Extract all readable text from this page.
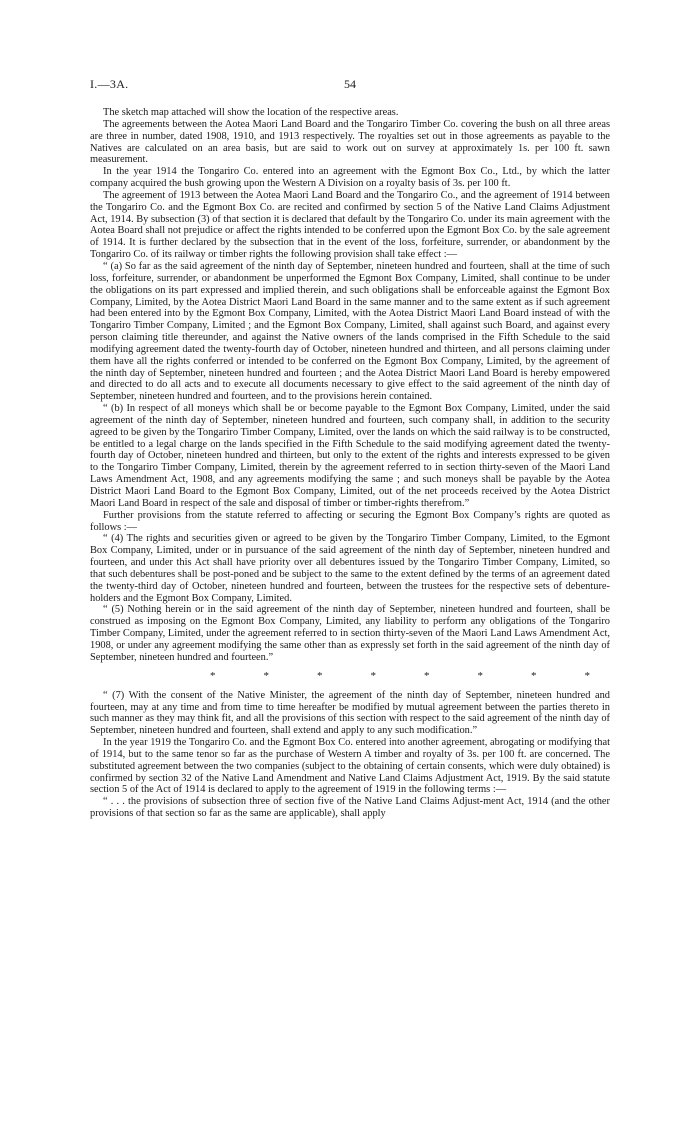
I.—3A.	54

The sketch map attached will show the location of the respective areas.

The agreements between the Aotea Maori Land Board and the Tongariro Timber Co. covering the bush on all three areas are three in number, dated 1908, 1910, and 1913 respectively. The royalties set out in those agreements as payable to the Natives are calculated on an area basis, but are said to work out on survey at approximately 1s. per 100 ft. sawn measurement.

In the year 1914 the Tongariro Co. entered into an agreement with the Egmont Box Co., Ltd., by which the latter company acquired the bush growing upon the Western A Division on a royalty basis of 3s. per 100 ft.

The agreement of 1913 between the Aotea Maori Land Board and the Tongariro Co., and the agreement of 1914 between the Tongariro Co. and the Egmont Box Co. are recited and confirmed by section 5 of the Native Land Claims Adjustment Act, 1914. By subsection (3) of that section it is declared that default by the Tongariro Co. under its main agreement with the Aotea Board shall not prejudice or affect the rights intended to be conferred upon the Egmont Box Co. by the sale agreement of 1914. It is further declared by the subsection that in the event of the loss, forfeiture, surrender, or abandonment by the Tongariro Co. of its railway or timber rights the following provision shall take effect :—

“ (a) So far as the said agreement of the ninth day of September, nineteen hundred and fourteen, shall at the time of such loss, forfeiture, surrender, or abandonment be unperformed the Egmont Box Company, Limited, shall continue to be under the obligations on its part expressed and implied therein, and such obligations shall be enforceable against the Egmont Box Company, Limited, by the Aotea District Maori Land Board in the same manner and to the same extent as if such agreement had been entered into by the Egmont Box Company, Limited, with the Aotea District Maori Land Board instead of with the Tongariro Timber Company, Limited ; and the Egmont Box Company, Limited, shall against such Board, and against every person claiming title thereunder, and against the Native owners of the lands comprised in the Fifth Schedule to the said modifying agreement dated the twenty-fourth day of October, nineteen hundred and thirteen, and all persons claiming under them have all the rights conferred or intended to be conferred on the Egmont Box Company, Limited, by the agreement of the ninth day of September, nineteen hundred and fourteen ; and the Aotea District Maori Land Board is hereby empowered and directed to do all acts and to execute all documents necessary to give effect to the said agreement of the ninth day of September, nineteen hundred and fourteen, and to the provisions herein contained.

“ (b) In respect of all moneys which shall be or become payable to the Egmont Box Company, Limited, under the said agreement of the ninth day of September, nineteen hundred and fourteen, such company shall, in addition to the security agreed to be given by the Tongariro Timber Company, Limited, over the lands on which the said railway is to be constructed, be entitled to a legal charge on the lands specified in the Fifth Schedule to the said modifying agreement dated the twenty-fourth day of October, nineteen hundred and thirteen, but only to the extent of the rights and interests expressed to be given to the Tongariro Timber Company, Limited, therein by the agreement referred to in section thirty-seven of the Maori Land Laws Amendment Act, 1908, and any agreements modifying the same ; and such moneys shall be payable by the Aotea District Maori Land Board to the Egmont Box Company, Limited, out of the net proceeds received by the Aotea District Maori Land Board in respect of the sale and disposal of timber or timber-rights therefrom.”

Further provisions from the statute referred to affecting or securing the Egmont Box Company’s rights are quoted as follows :—

“ (4) The rights and securities given or agreed to be given by the Tongariro Timber Company, Limited, to the Egmont Box Company, Limited, under or in pursuance of the said agreement of the ninth day of September, nineteen hundred and fourteen, and under this Act shall have priority over all debentures issued by the Tongariro Timber Company, Limited, so that such debentures shall be post-poned and be subject to the same to the extent defined by the terms of an agreement dated the twenty-third day of October, nineteen hundred and fourteen, between the trustees for the respective sets of debenture-holders and the Egmont Box Company, Limited.

“ (5) Nothing herein or in the said agreement of the ninth day of September, nineteen hundred and fourteen, shall be construed as imposing on the Egmont Box Company, Limited, any liability to perform any obligations of the Tongariro Timber Company, Limited, under the agreement referred to in section thirty-seven of the Maori Land Laws Amendment Act, 1908, or under any agreement modifying the same other than as expressly set forth in the said agreement of the ninth day of September, nineteen hundred and fourteen.”

*	*	*	*	*	*	*	*

“ (7) With the consent of the Native Minister, the agreement of the ninth day of September, nineteen hundred and fourteen, may at any time and from time to time hereafter be modified by mutual agreement between the parties thereto in such manner as they may think fit, and all the provisions of this section with respect to the said agreement of the ninth day of September, nineteen hundred and fourteen, shall extend and apply to any such modification.”

In the year 1919 the Tongariro Co. and the Egmont Box Co. entered into another agreement, abrogating or modifying that of 1914, but to the same tenor so far as the purchase of Western A timber and royalty of 3s. per 100 ft. are concerned. The substituted agreement between the two companies (subject to the obtaining of certain consents, which were duly obtained) is confirmed by section 32 of the Native Land Amendment and Native Land Claims Adjustment Act, 1919. By the said statute section 5 of the Act of 1914 is declared to apply to the agreement of 1919 in the following terms :—

“ . . . the provisions of subsection three of section five of the Native Land Claims Adjust-ment Act, 1914 (and the other provisions of that section so far as the same are applicable), shall apply
